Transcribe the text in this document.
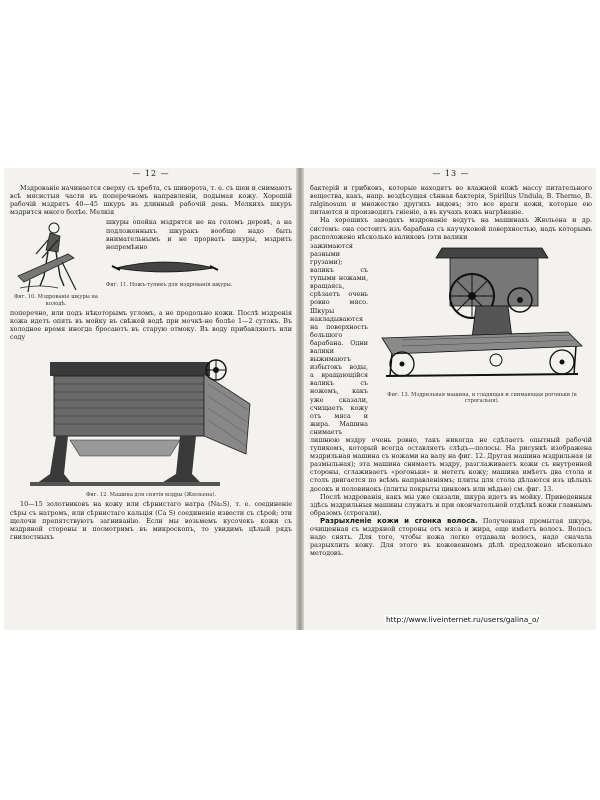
— 12 —

Мздрованіе начинается сверху съ хребта, съ шиворота, т. е. съ шеи и снимаютъ всѣ мясистыя части въ поперечномъ направленіи, подымая кожу. Хорошій рабочій мздрятъ 40—45 шкуръ въ длинный рабочій день. Мелкихъ шкуръ мздрится много болѣе. Мелкія

Фиг. 10. Мздрованіе шкуры на колодѣ.

шкуры опойка мздрятся не на голомъ деревѣ, а на подложенныхъ шкуракъ вообще надо быть внимательнымъ и не прорвать шкуры, мздрить непремѣнно

Фиг. 11. Ножъ-тупикъ для мздрованія шкуры.

поперечно, или подъ нѣкоторымъ угломъ, а не продольно кожи. Послѣ мздренія кожа идетъ опять въ мойку въ свѣжей водѣ при мочкѣ-не болѣе 1—2 сутокъ. Въ холодное время иногда бросаютъ въ старую отмоку. Въ воду прибавляютъ или соду

Фиг. 12. Машина для снятія мздры (Жюльена).

10—15 золотниковъ на кожу или сѣрнистаго натра (Na₂S), т. е. соединеніе сѣры съ натромъ, или сѣрнистаго кальція (Ca S) соединеніе извести съ сѣрой; эти щелочи препятствуютъ загниванію. Если мы возьмемъ кусочекъ кожи съ мздряной стороны и посмотримъ въ микроскопъ, то увидимъ цѣлый рядъ гнилостныхъ

— 13 —

бактерій и грибковъ, которые находятъ во влажной кожѣ массу питательного вещества, какъ, напр. вездѣсущая сѣнная бактерія, Spirillus Undula, B. Thermo, B. ralginosum и множество другихъ видовъ; это все враги кожи, которые ею питаются и производятъ гніеніе, а въ кучахъ кожъ нагрѣваніе.

На хорошихъ заводахъ мздрованіе ведутъ на машинахъ Жюльена и др. системъ: она состоитъ изъ барабана съ каучуковой поверхностью, надъ которымъ расположено нѣсколько валиковъ (эти валики

зажимаются разными грузами); валикъ съ тупыми ножами, вращаясь, срѣзаетъ очень ровно мясо. Шкуры накладываются на поверхность большого барабана. Одни валики выжимаютъ избытокъ воды, а вращающійся валикъ съ ножемъ, какъ уже сказали, счищаетъ кожу отъ мяса и жира. Машина снимаетъ

Фиг. 13. Мздрильная машина, и гладящая и снимающая рогоньки (в строгальня).

лишнюю мздру очень ровно, такъ никогда не сдѣлаетъ опытный рабочій тупикомъ, который всегда оставляетъ слѣдъ—полосы. На рисункѣ изображена мздрильная машина съ ножами на валу на фиг. 12. Другая машина мздрильная (и размыльная); эта машина снимаетъ мздру, разглаживаетъ кожи съ внутренней стороны, сглаживаетъ «рогоньки» и мететъ кожу; машина имѣетъ два стола и столъ двигается по всѣмъ направленіямъ; плиты для стола дѣлаются изъ цѣлыхъ досокъ и половинокъ (плиты покрыты цинкомъ или мѣдью) см. фиг. 13.

Послѣ мздрованія, какъ мы уже сказали, шкура идетъ въ мойку. Приведенныя здѣсь мздрильныя машины служатъ и при окончательной отдѣлкѣ кожи главнымъ образомъ (строгали).

Разрыхленіе кожи и сгонка волоса. Полученная промытая шкура, очищенная съ мздряной стороны отъ мяса и жира, еще имѣетъ волосъ. Волосъ надо снять. Для того, чтобы кожа легко отдавала волосъ, надо сначала разрыхлить кожу. Для этого въ кожевенномъ дѣлѣ предложено нѣсколько методовъ.

http://www.liveinternet.ru/users/galina_o/
